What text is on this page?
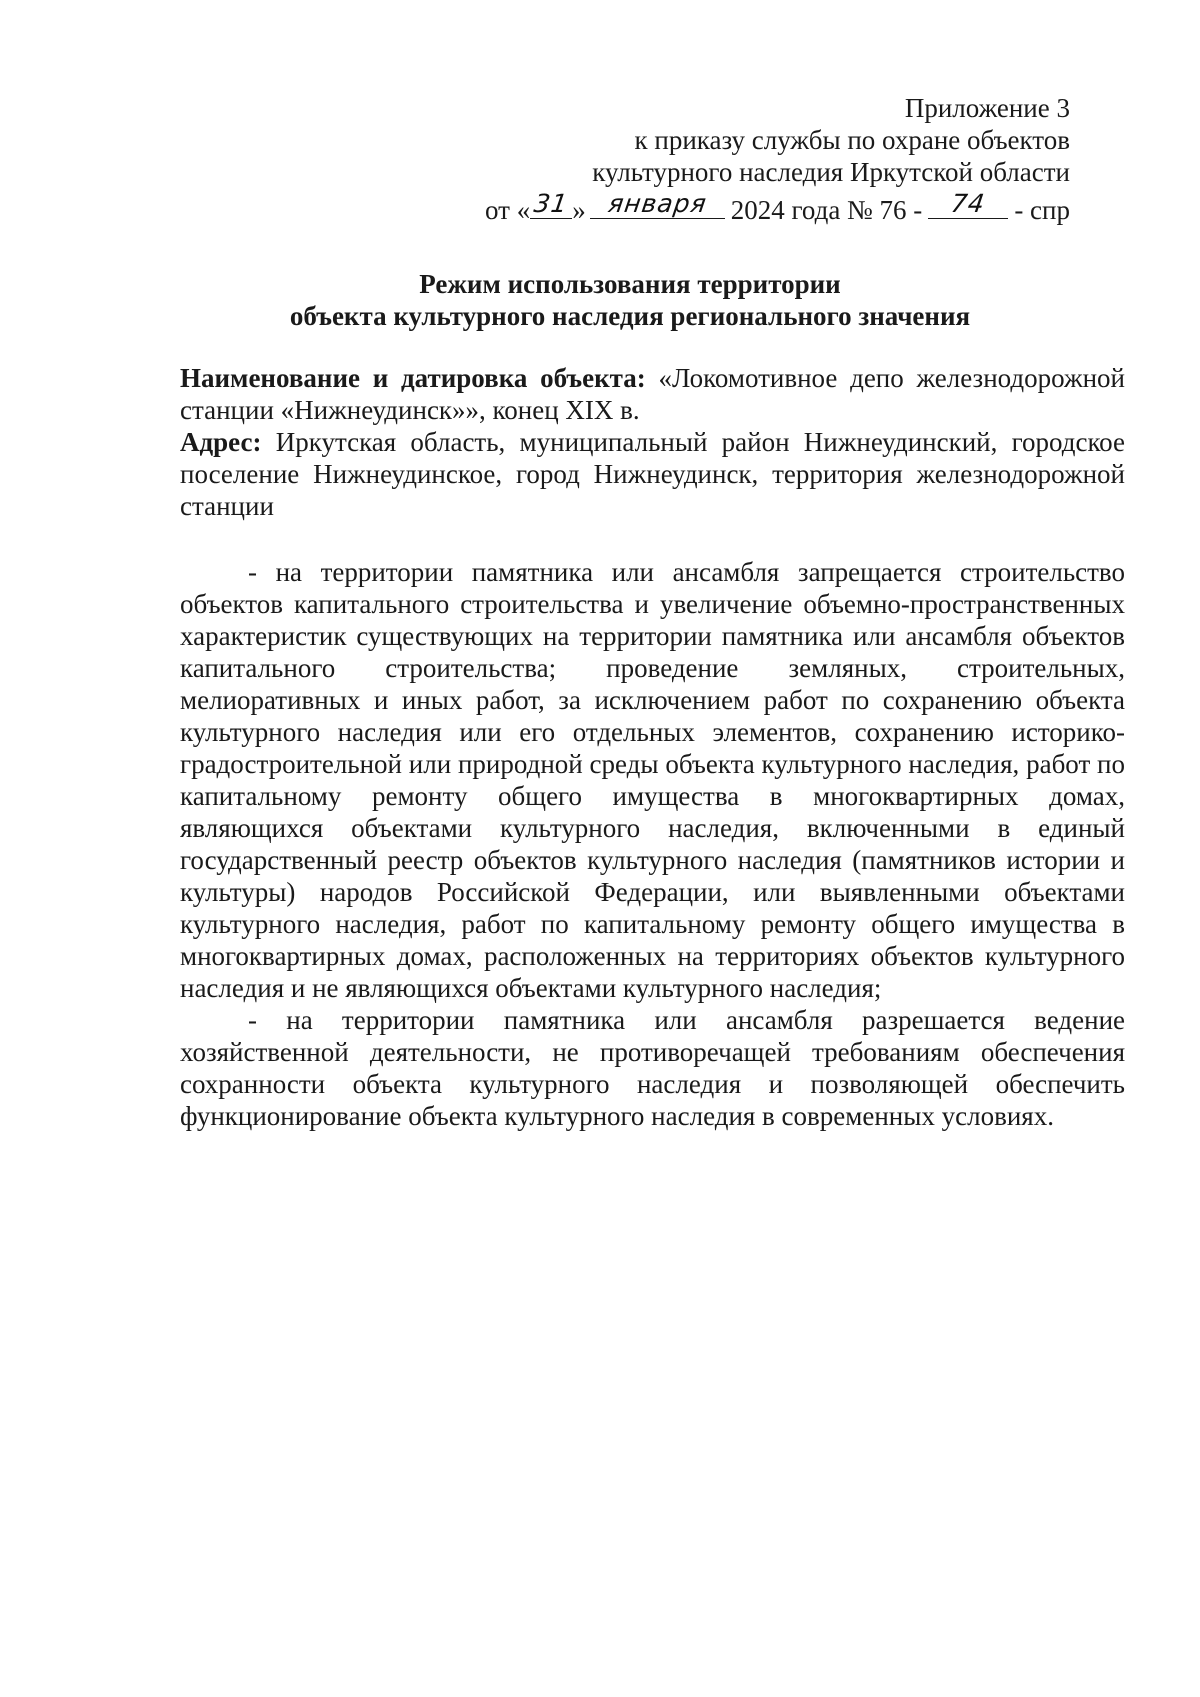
Приложение 3
к приказу службы по охране объектов
культурного наследия Иркутской области
от « 31 » января 2024 года № 76 -	74 - спр
Режим использования территории
объекта культурного наследия регионального значения

Наименование и датировка объекта: «Локомотивное депо железнодорожной станции «Нижнеудинск»», конец XIX в.

Адрес: Иркутская область, муниципальный район Нижнеудинский, городское поселение Нижнеудинское, город Нижнеудинск, территория железнодорожной станции

- на территории памятника или ансамбля запрещается строительство объектов капитального строительства и увеличение объемно-пространственных характеристик существующих на территории памятника или ансамбля объектов капитального строительства; проведение земляных, строительных, мелиоративных и иных работ, за исключением работ по сохранению объекта культурного наследия или его отдельных элементов, сохранению историко-градостроительной или природной среды объекта культурного наследия, работ по капитальному ремонту общего имущества в многоквартирных домах, являющихся объектами культурного наследия, включенными в единый государственный реестр объектов культурного наследия (памятников истории и культуры) народов Российской Федерации, или выявленными объектами культурного наследия, работ по капитальному ремонту общего имущества в многоквартирных домах, расположенных на территориях объектов культурного наследия и не являющихся объектами культурного наследия;

- на территории памятника или ансамбля разрешается ведение хозяйственной деятельности, не противоречащей требованиям обеспечения сохранности объекта культурного наследия и позволяющей обеспечить функционирование объекта культурного наследия в современных условиях.
